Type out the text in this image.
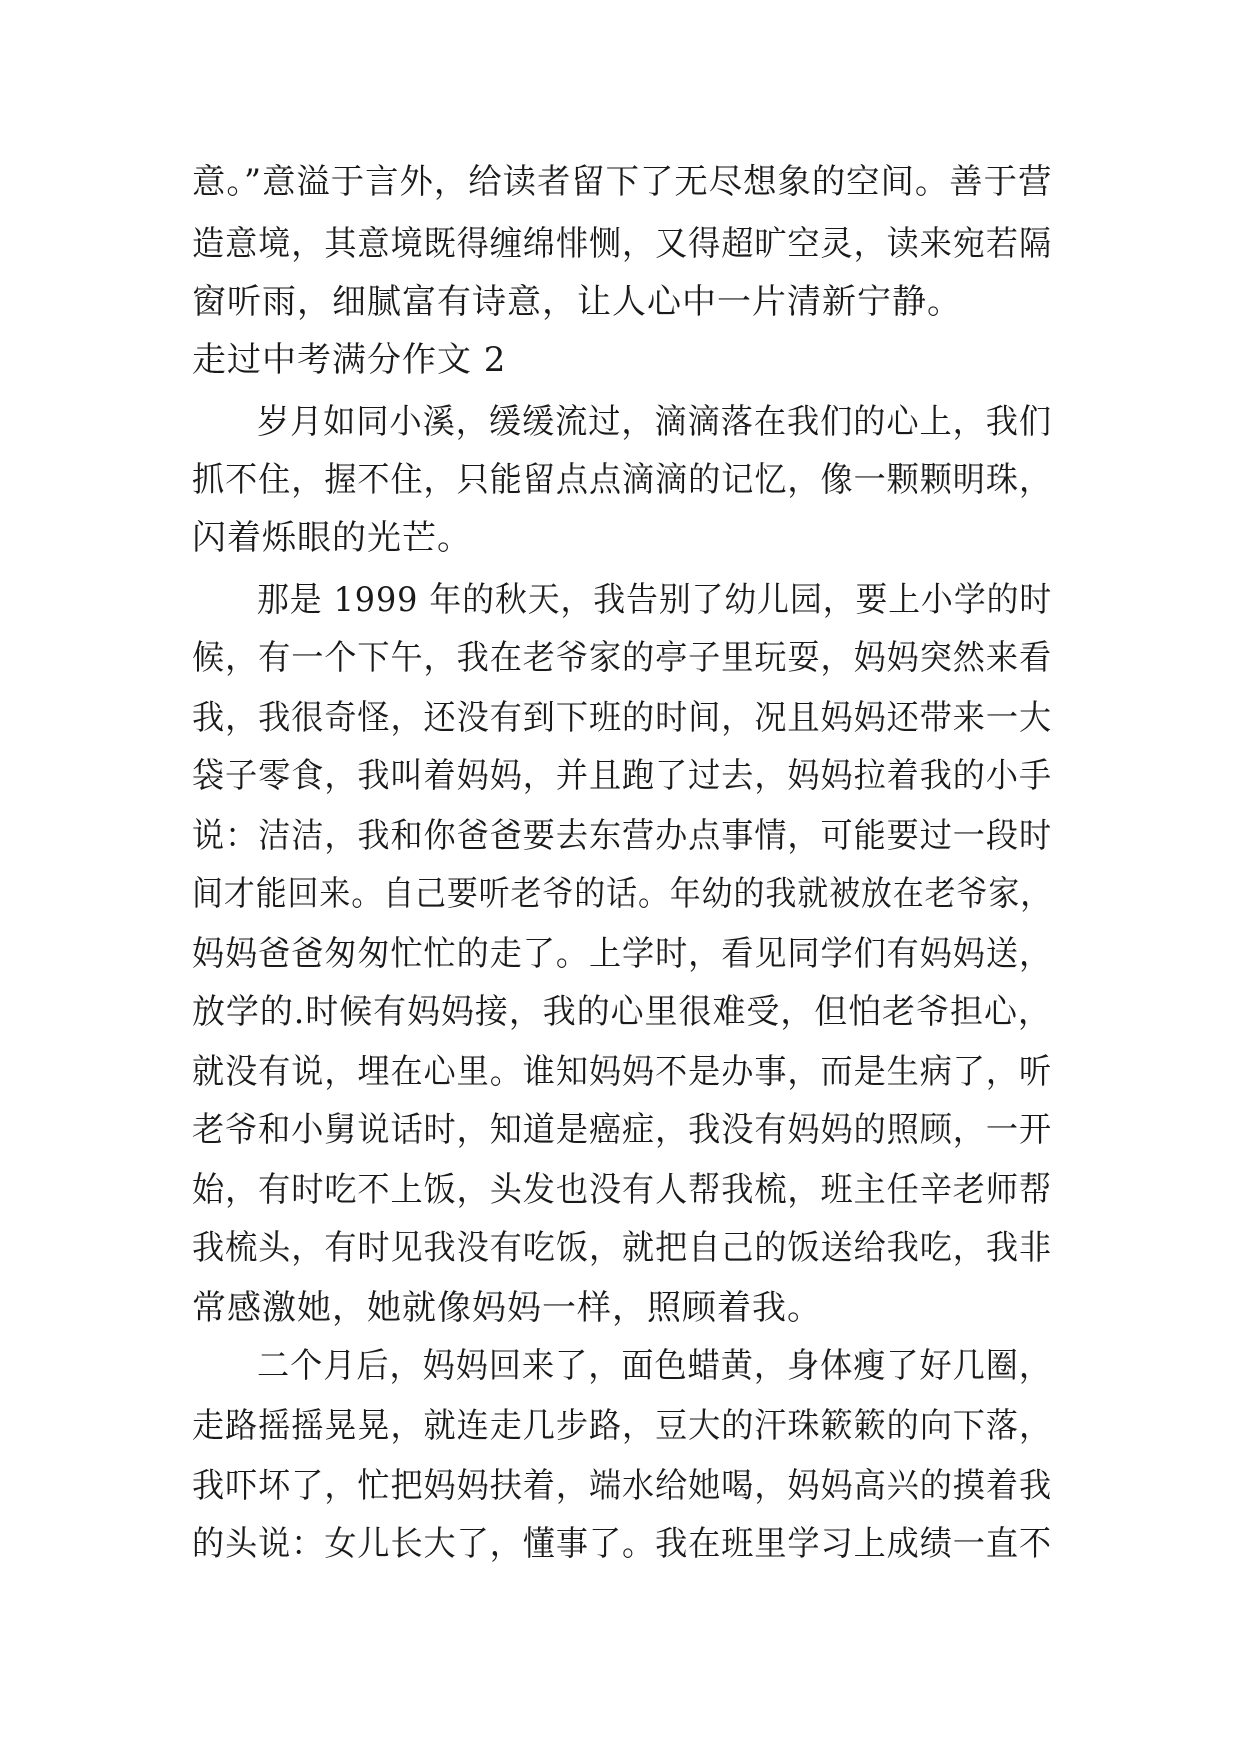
意。”意溢于言外，给读者留下了无尽想象的空间。善于营
造意境，其意境既得缠绵悱恻，又得超旷空灵，读来宛若隔
窗听雨，细腻富有诗意，让人心中一片清新宁静。
走过中考满分作文 2
岁月如同小溪，缓缓流过，滴滴落在我们的心上，我们
抓不住，握不住，只能留点点滴滴的记忆，像一颗颗明珠，
闪着烁眼的光芒。
那是 1999 年的秋天，我告别了幼儿园，要上小学的时
候，有一个下午，我在老爷家的亭子里玩耍，妈妈突然来看
我，我很奇怪，还没有到下班的时间，况且妈妈还带来一大
袋子零食，我叫着妈妈，并且跑了过去，妈妈拉着我的小手
说：洁洁，我和你爸爸要去东营办点事情，可能要过一段时
间才能回来。自己要听老爷的话。年幼的我就被放在老爷家，
妈妈爸爸匆匆忙忙的走了。上学时，看见同学们有妈妈送，
放学的.时候有妈妈接，我的心里很难受，但怕老爷担心，
就没有说，埋在心里。谁知妈妈不是办事，而是生病了，听
老爷和小舅说话时，知道是癌症，我没有妈妈的照顾，一开
始，有时吃不上饭，头发也没有人帮我梳，班主任辛老师帮
我梳头，有时见我没有吃饭，就把自己的饭送给我吃，我非
常感激她，她就像妈妈一样，照顾着我。
二个月后，妈妈回来了，面色蜡黄，身体瘦了好几圈，
走路摇摇晃晃，就连走几步路，豆大的汗珠簌簌的向下落，
我吓坏了，忙把妈妈扶着，端水给她喝，妈妈高兴的摸着我
的头说：女儿长大了，懂事了。我在班里学习上成绩一直不
